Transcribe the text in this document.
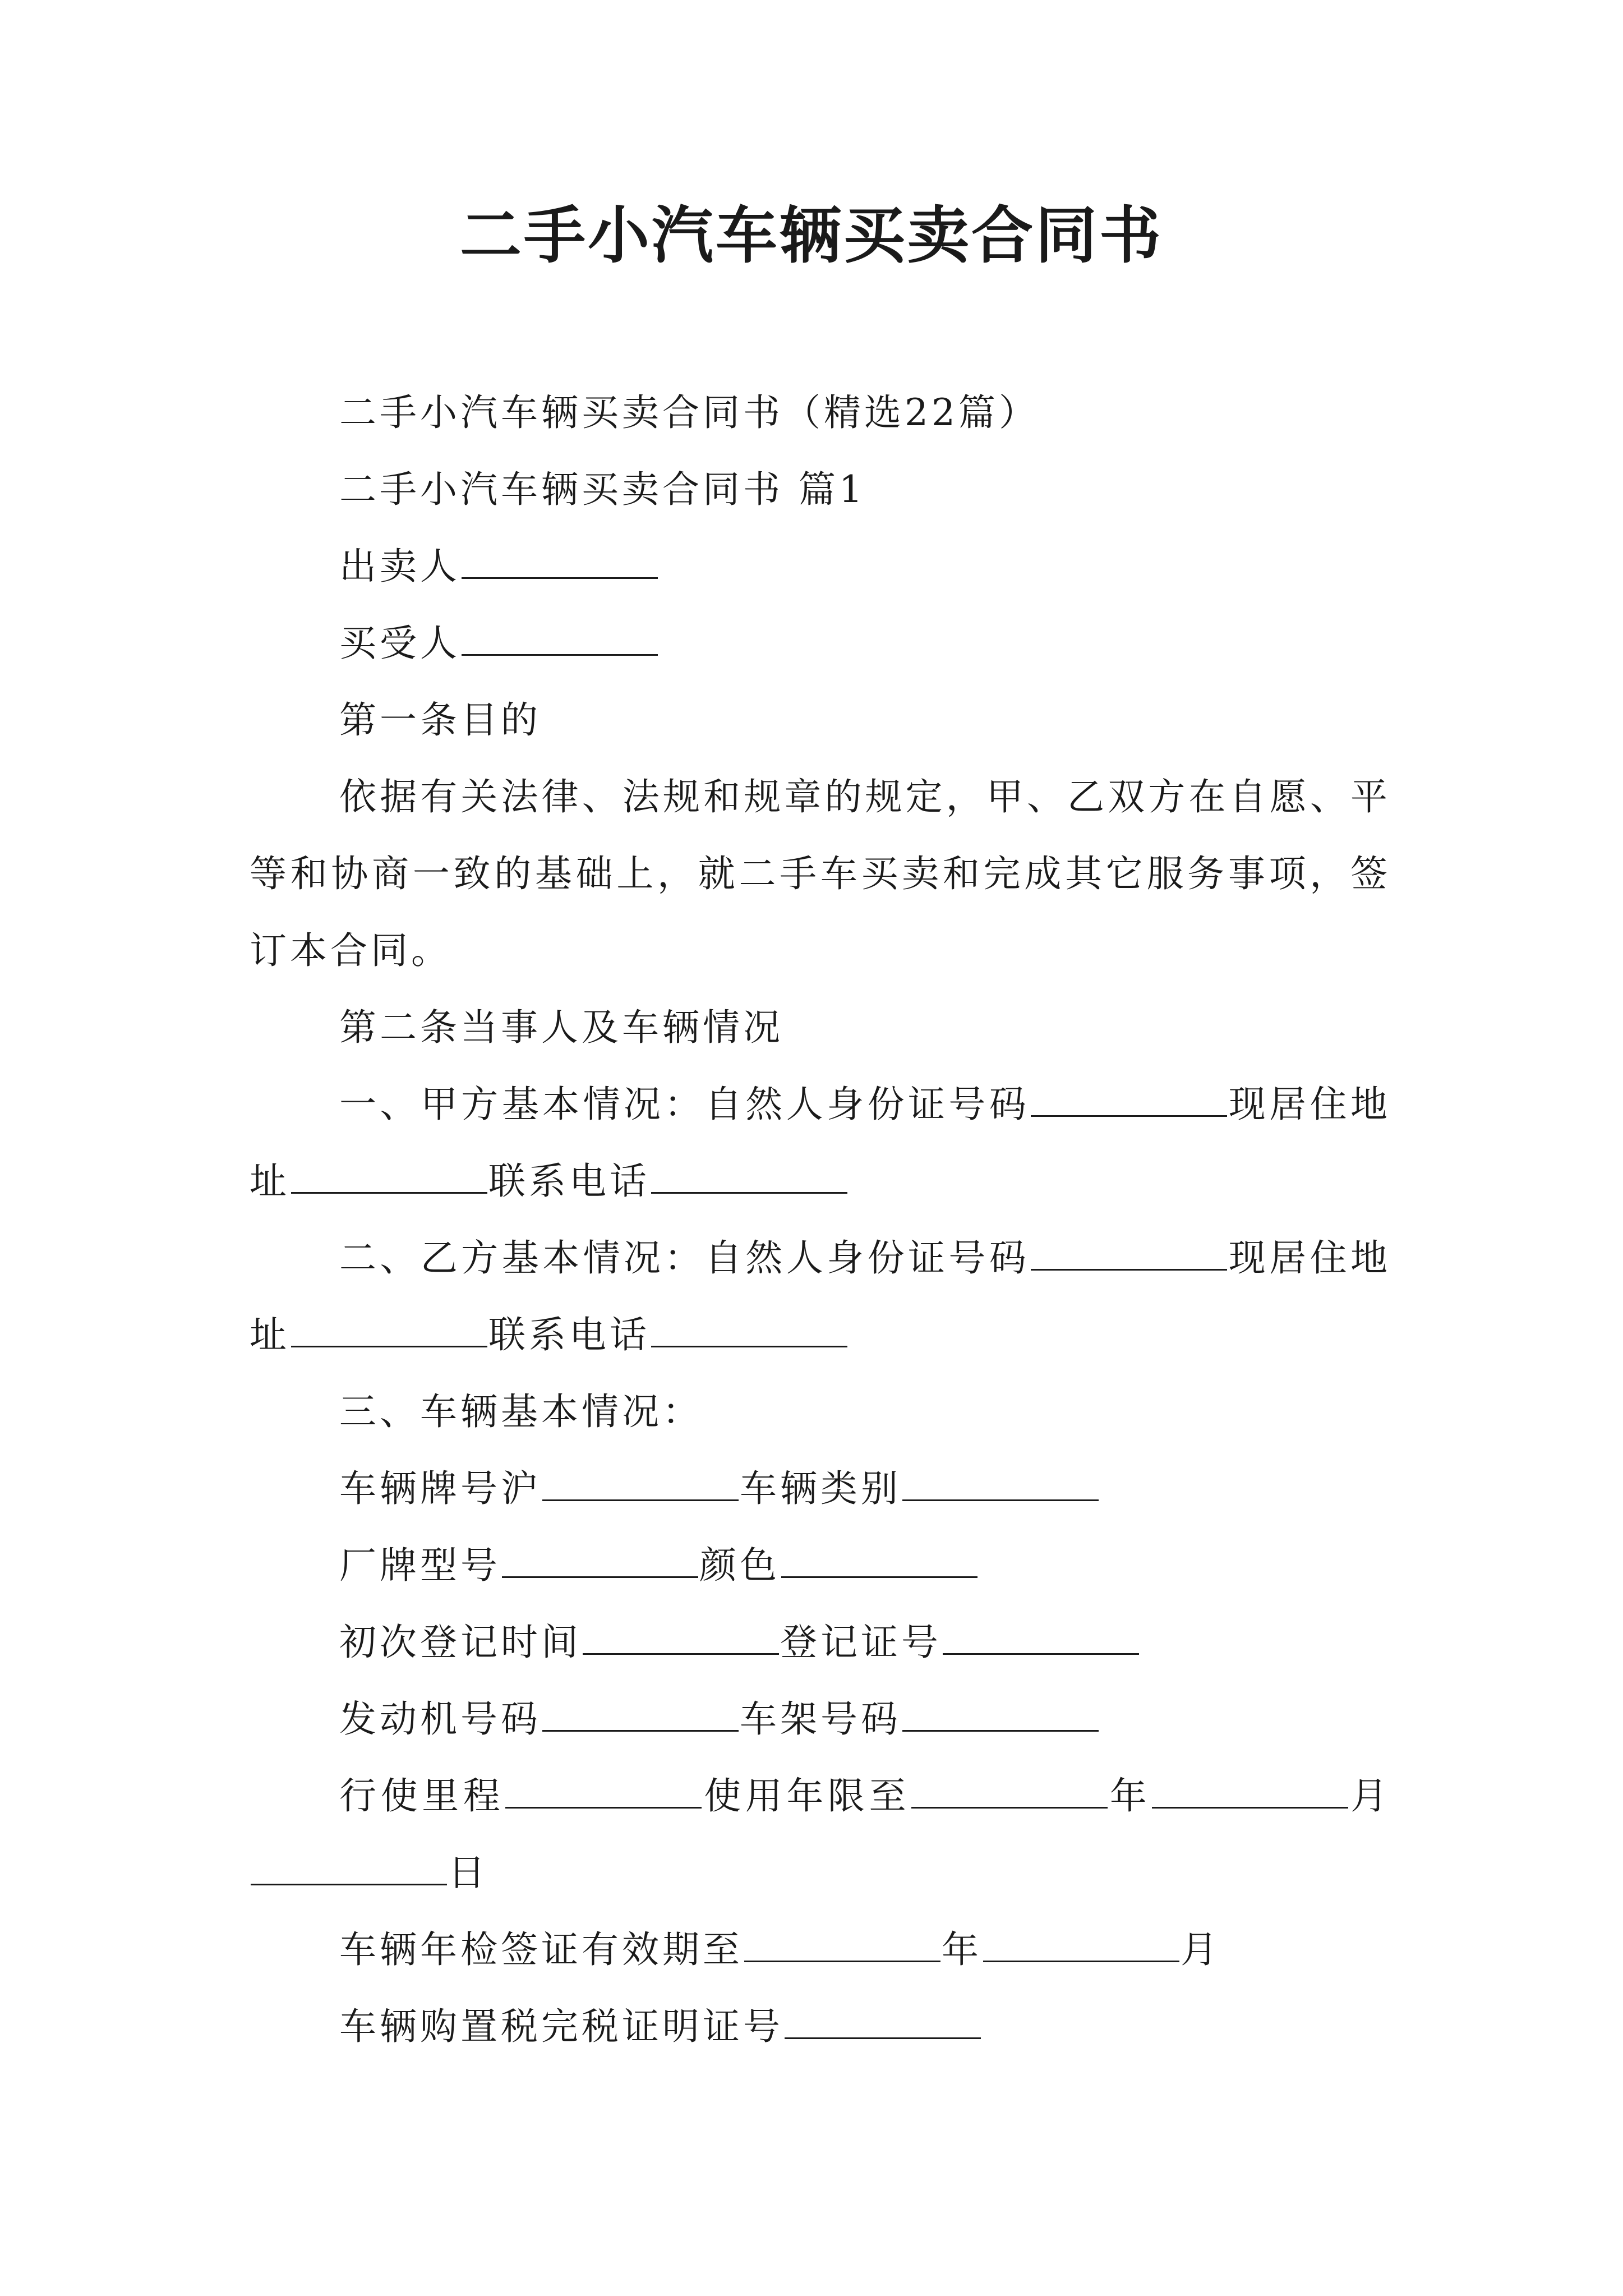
二手小汽车辆买卖合同书

二手小汽车辆买卖合同书（精选22篇）

二手小汽车辆买卖合同书 篇1

出卖人

买受人

第一条目的

依据有关法律、法规和规章的规定，甲、乙双方在自愿、平等和协商一致的基础上，就二手车买卖和完成其它服务事项，签订本合同。

第二条当事人及车辆情况

一、甲方基本情况：自然人身份证号码	现居住地址	联系电话

二、乙方基本情况：自然人身份证号码	现居住地址	联系电话

三、车辆基本情况：

车辆牌号沪	车辆类别

厂牌型号	颜色

初次登记时间	登记证号

发动机号码	车架号码

行使里程	使用年限至	年	月日

车辆年检签证有效期至	年	月

车辆购置税完税证明证号
